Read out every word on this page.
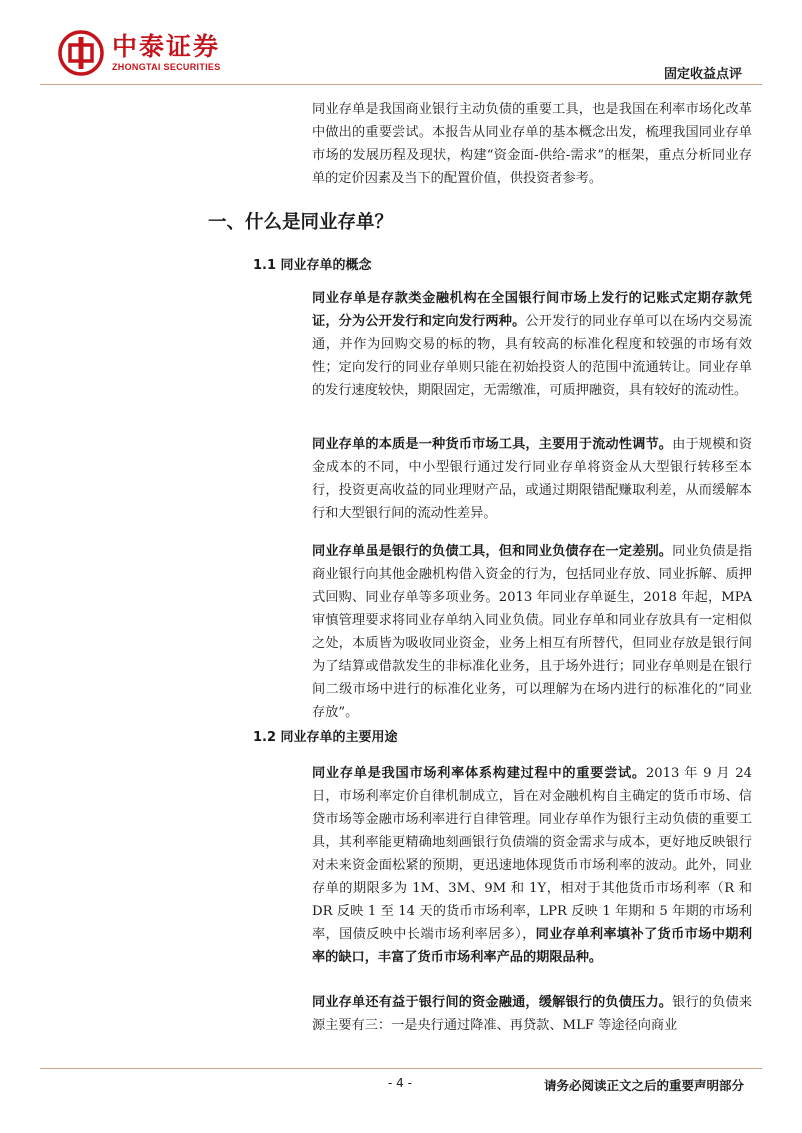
中泰证券
ZHONGTAI SECURITIES	固定收益点评
同业存单是我国商业银行主动负债的重要工具，也是我国在利率市场化改革中做出的重要尝试。本报告从同业存单的基本概念出发，梳理我国同业存单市场的发展历程及现状，构建“资金面-供给-需求”的框架，重点分析同业存单的定价因素及当下的配置价值，供投资者参考。
一、什么是同业存单？
1.1 同业存单的概念
同业存单是存款类金融机构在全国银行间市场上发行的记账式定期存款凭证，分为公开发行和定向发行两种。公开发行的同业存单可以在场内交易流通，并作为回购交易的标的物，具有较高的标准化程度和较强的市场有效性；定向发行的同业存单则只能在初始投资人的范围中流通转让。同业存单的发行速度较快，期限固定，无需缴准，可质押融资，具有较好的流动性。
同业存单的本质是一种货币市场工具，主要用于流动性调节。由于规模和资金成本的不同，中小型银行通过发行同业存单将资金从大型银行转移至本行，投资更高收益的同业理财产品，或通过期限错配赚取利差，从而缓解本行和大型银行间的流动性差异。
同业存单虽是银行的负债工具，但和同业负债存在一定差别。同业负债是指商业银行向其他金融机构借入资金的行为，包括同业存放、同业拆解、质押式回购、同业存单等多项业务。2013 年同业存单诞生，2018 年起，MPA 审慎管理要求将同业存单纳入同业负债。同业存单和同业存放具有一定相似之处，本质皆为吸收同业资金，业务上相互有所替代，但同业存放是银行间为了结算或借款发生的非标准化业务，且于场外进行；同业存单则是在银行间二级市场中进行的标准化业务，可以理解为在场内进行的标准化的“同业存放”。
1.2 同业存单的主要用途
同业存单是我国市场利率体系构建过程中的重要尝试。2013 年 9 月 24 日，市场利率定价自律机制成立，旨在对金融机构自主确定的货币市场、信贷市场等金融市场利率进行自律管理。同业存单作为银行主动负债的重要工具，其利率能更精确地刻画银行负债端的资金需求与成本，更好地反映银行对未来资金面松紧的预期，更迅速地体现货币市场利率的波动。此外，同业存单的期限多为 1M、3M、9M 和 1Y，相对于其他货币市场利率（R 和 DR 反映 1 至 14 天的货币市场利率，LPR 反映 1 年期和 5 年期的市场利率，国债反映中长端市场利率居多），同业存单利率填补了货币市场中期利率的缺口，丰富了货币市场利率产品的期限品种。
同业存单还有益于银行间的资金融通，缓解银行的负债压力。银行的负债来源主要有三：一是央行通过降准、再贷款、MLF 等途径向商业
- 4 -	请务必阅读正文之后的重要声明部分
